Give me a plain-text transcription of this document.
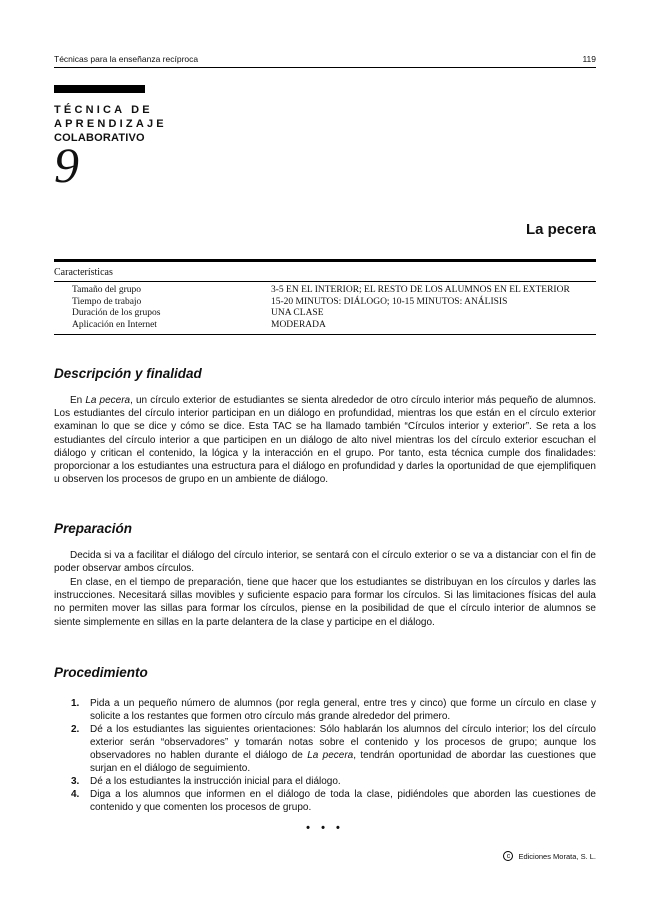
Técnicas para la enseñanza recíproca	119
TÉCNICA DE
APRENDIZAJE
COLABORATIVO
9
La pecera
Características
Tamaño del grupo	3-5 EN EL INTERIOR; EL RESTO DE LOS ALUMNOS EN EL EXTERIOR
Tiempo de trabajo	15-20 MINUTOS: DIÁLOGO; 10-15 MINUTOS: ANÁLISIS
Duración de los grupos	UNA CLASE
Aplicación en Internet	MODERADA
Descripción y finalidad

En La pecera, un círculo exterior de estudiantes se sienta alrededor de otro círculo interior más pequeño de alumnos. Los estudiantes del círculo interior participan en un diálogo en profundidad, mientras los que están en el círculo exterior examinan lo que se dice y cómo se dice. Esta TAC se ha llamado también “Círculos interior y exterior”. Se reta a los estudiantes del círculo interior a que participen en un diálogo de alto nivel mientras los del círculo exterior escuchan el diálogo y critican el contenido, la lógica y la interacción en el grupo. Por tanto, esta técnica cumple dos finalidades: proporcionar a los estudiantes una estructura para el diálogo en profundidad y darles la oportunidad de que ejemplifiquen u observen los procesos de grupo en un ambiente de diálogo.

Preparación

Decida si va a facilitar el diálogo del círculo interior, se sentará con el círculo exterior o se va a distanciar con el fin de poder observar ambos círculos.

En clase, en el tiempo de preparación, tiene que hacer que los estudiantes se distribuyan en los círculos y darles las instrucciones. Necesitará sillas movibles y suficiente espacio para formar los círculos. Si las limitaciones físicas del aula no permiten mover las sillas para formar los círculos, piense en la posibilidad de que el círculo interior de alumnos se siente simplemente en sillas en la parte delantera de la clase y participe en el diálogo.

Procedimiento
1. Pida a un pequeño número de alumnos (por regla general, entre tres y cinco) que forme un círculo en clase y solicite a los restantes que formen otro círculo más grande alrededor del primero.
2. Dé a los estudiantes las siguientes orientaciones: Sólo hablarán los alumnos del círculo interior; los del círculo exterior serán “observadores” y tomarán notas sobre el contenido y los procesos de grupo; aunque los observadores no hablen durante el diálogo de La pecera, tendrán oportunidad de abordar las cuestiones que surjan en el diálogo de seguimiento.
3. Dé a los estudiantes la instrucción inicial para el diálogo.
4. Diga a los alumnos que informen en el diálogo de toda la clase, pidiéndoles que aborden las cuestiones de contenido y que comenten los procesos de grupo.
• • •
c	Ediciones Morata, S. L.
